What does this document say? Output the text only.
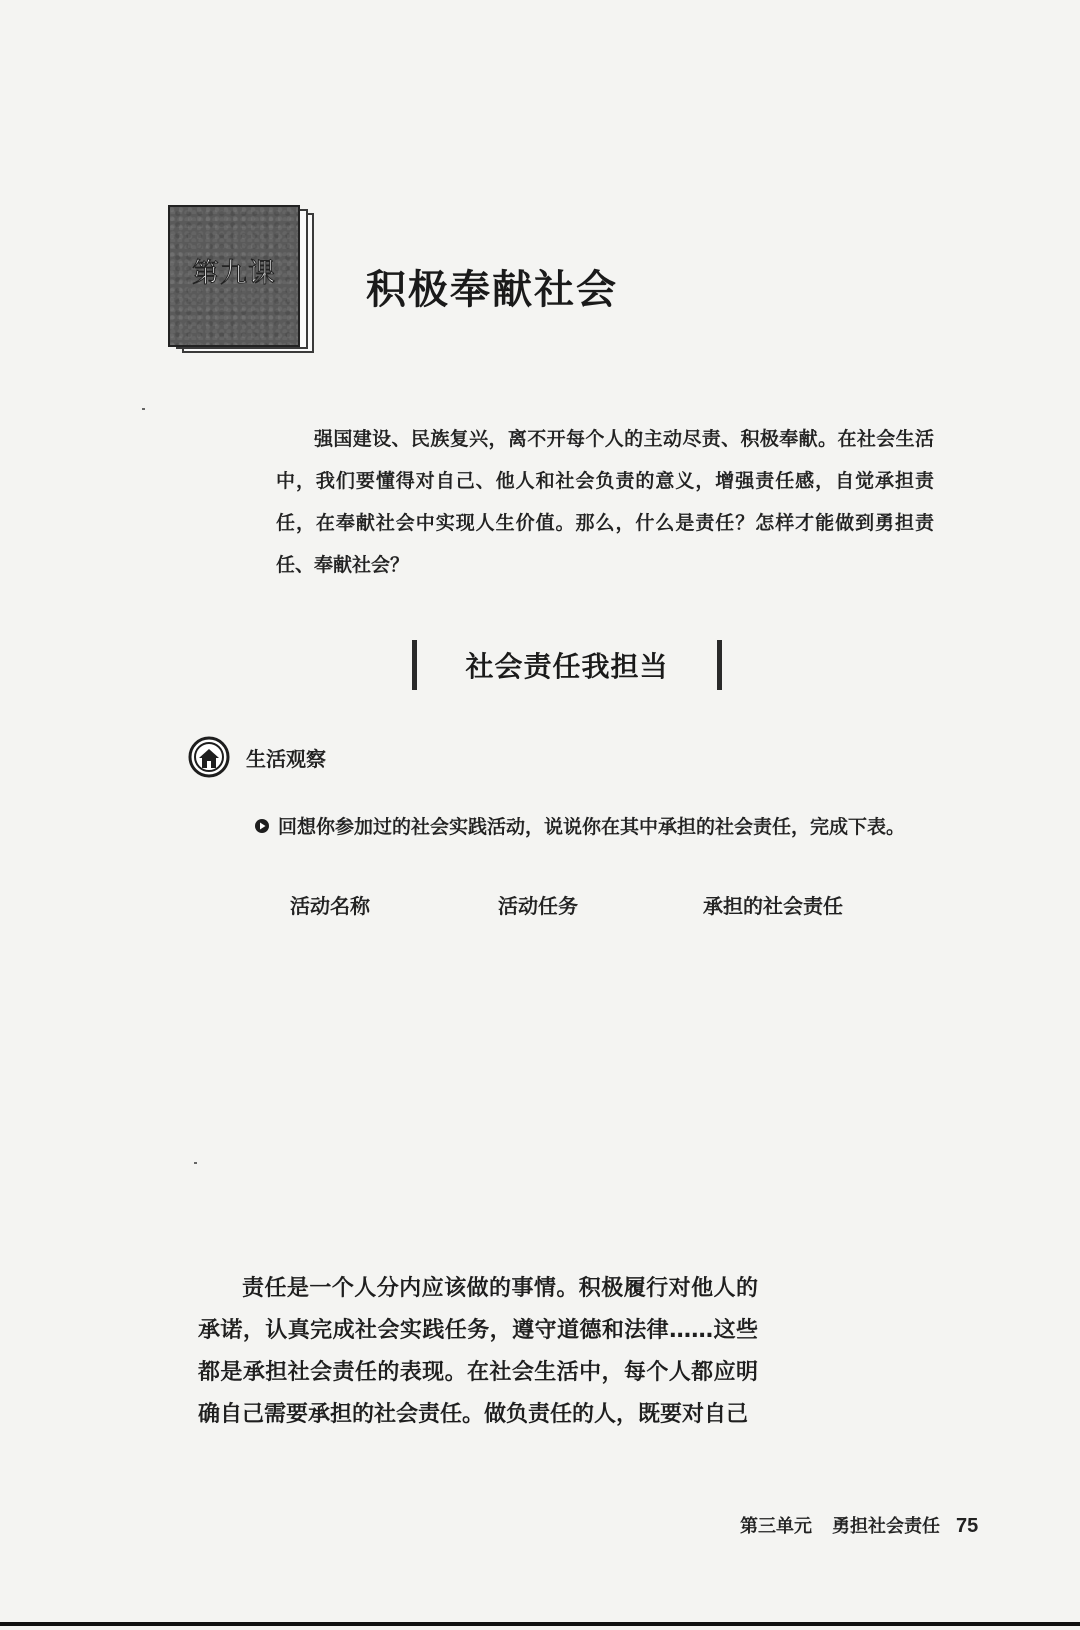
第九课 积极奉献社会
强国建设、民族复兴，离不开每个人的主动尽责、积极奉献。在社会生活中，我们要懂得对自己、他人和社会负责的意义，增强责任感，自觉承担责任，在奉献社会中实现人生价值。那么，什么是责任？怎样才能做到勇担责任、奉献社会？
社会责任我担当
生活观察
回想你参加过的社会实践活动，说说你在其中承担的社会责任，完成下表。
活动名称	活动任务	承担的社会责任
责任是一个人分内应该做的事情。积极履行对他人的承诺，认真完成社会实践任务，遵守道德和法律……这些都是承担社会责任的表现。在社会生活中，每个人都应明确自己需要承担的社会责任。做负责任的人，既要对自己
第三单元 勇担社会责任 75
